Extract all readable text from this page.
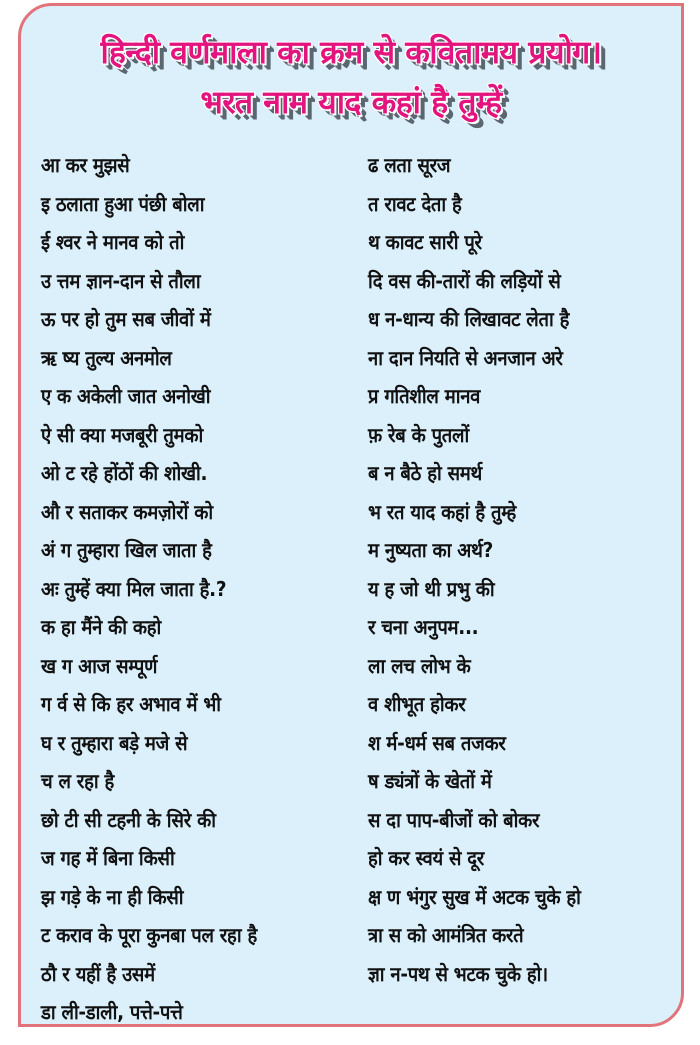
हिन्दी वर्णमाला का क्रम से कवितामय प्रयोग।
भरत नाम याद कहां है तुम्हें
आ कर मुझसे
इ ठलाता हुआ पंछी बोला
ई श्वर ने मानव को तो
उ त्तम ज्ञान-दान से तौला
ऊ पर हो तुम सब जीवों में
ऋ ष्य तुल्य अनमोल
ए क अकेली जात अनोखी
ऐ सी क्या मजबूरी तुमको
ओ ट रहे होंठों की शोखी.
औ र सताकर कमज़ोरों को
अं ग तुम्हारा खिल जाता है
अः तुम्हें क्या मिल जाता है.?
क हा मैंने की कहो
ख ग आज सम्पूर्ण
ग र्व से कि हर अभाव में भी
घ र तुम्हारा बड़े मजे से
च ल रहा है
छो टी सी टहनी के सिरे की
ज गह में बिना किसी
झ गड़े के ना ही किसी
ट कराव के पूरा कुनबा पल रहा है
ठौ र यहीं है उसमें
डा ली-डाली, पत्ते-पत्ते
ढ लता सूरज
त रावट देता है
थ कावट सारी पूरे
दि वस की-तारों की लड़ियों से
ध न-धान्य की लिखावट लेता है
ना दान नियति से अनजान अरे
प्र गतिशील मानव
फ़ रेब के पुतलों
ब न बैठे हो समर्थ
भ रत याद कहां है तुम्हे
म नुष्यता का अर्थ?
य ह जो थी प्रभु की
र चना अनुपम...
ला लच लोभ के
व शीभूत होकर
श र्म-धर्म सब तजकर
ष ड्यंत्रों के खेतों में
स दा पाप-बीजों को बोकर
हो कर स्वयं से दूर
क्ष ण भंगुर सुख में अटक चुके हो
त्रा स को आमंत्रित करते
ज्ञा न-पथ से भटक चुके हो।
